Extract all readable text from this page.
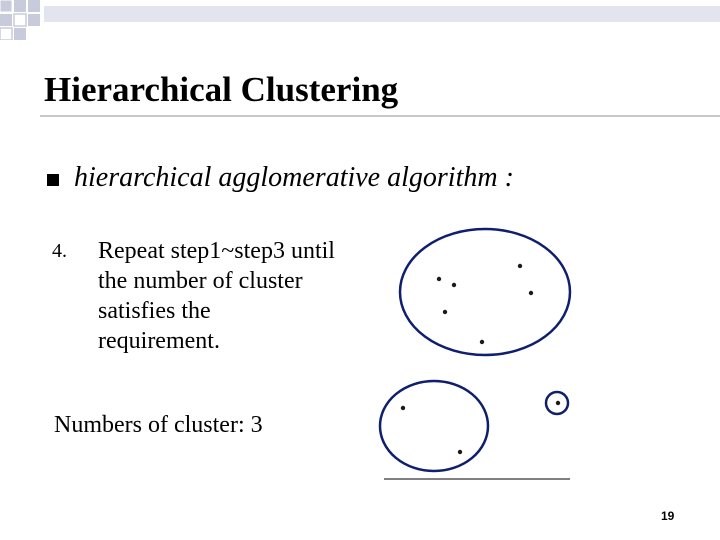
Hierarchical Clustering
hierarchical agglomerative algorithm :
4. Repeat step1~step3 until the number of cluster satisfies the requirement.
Numbers of cluster: 3
19
